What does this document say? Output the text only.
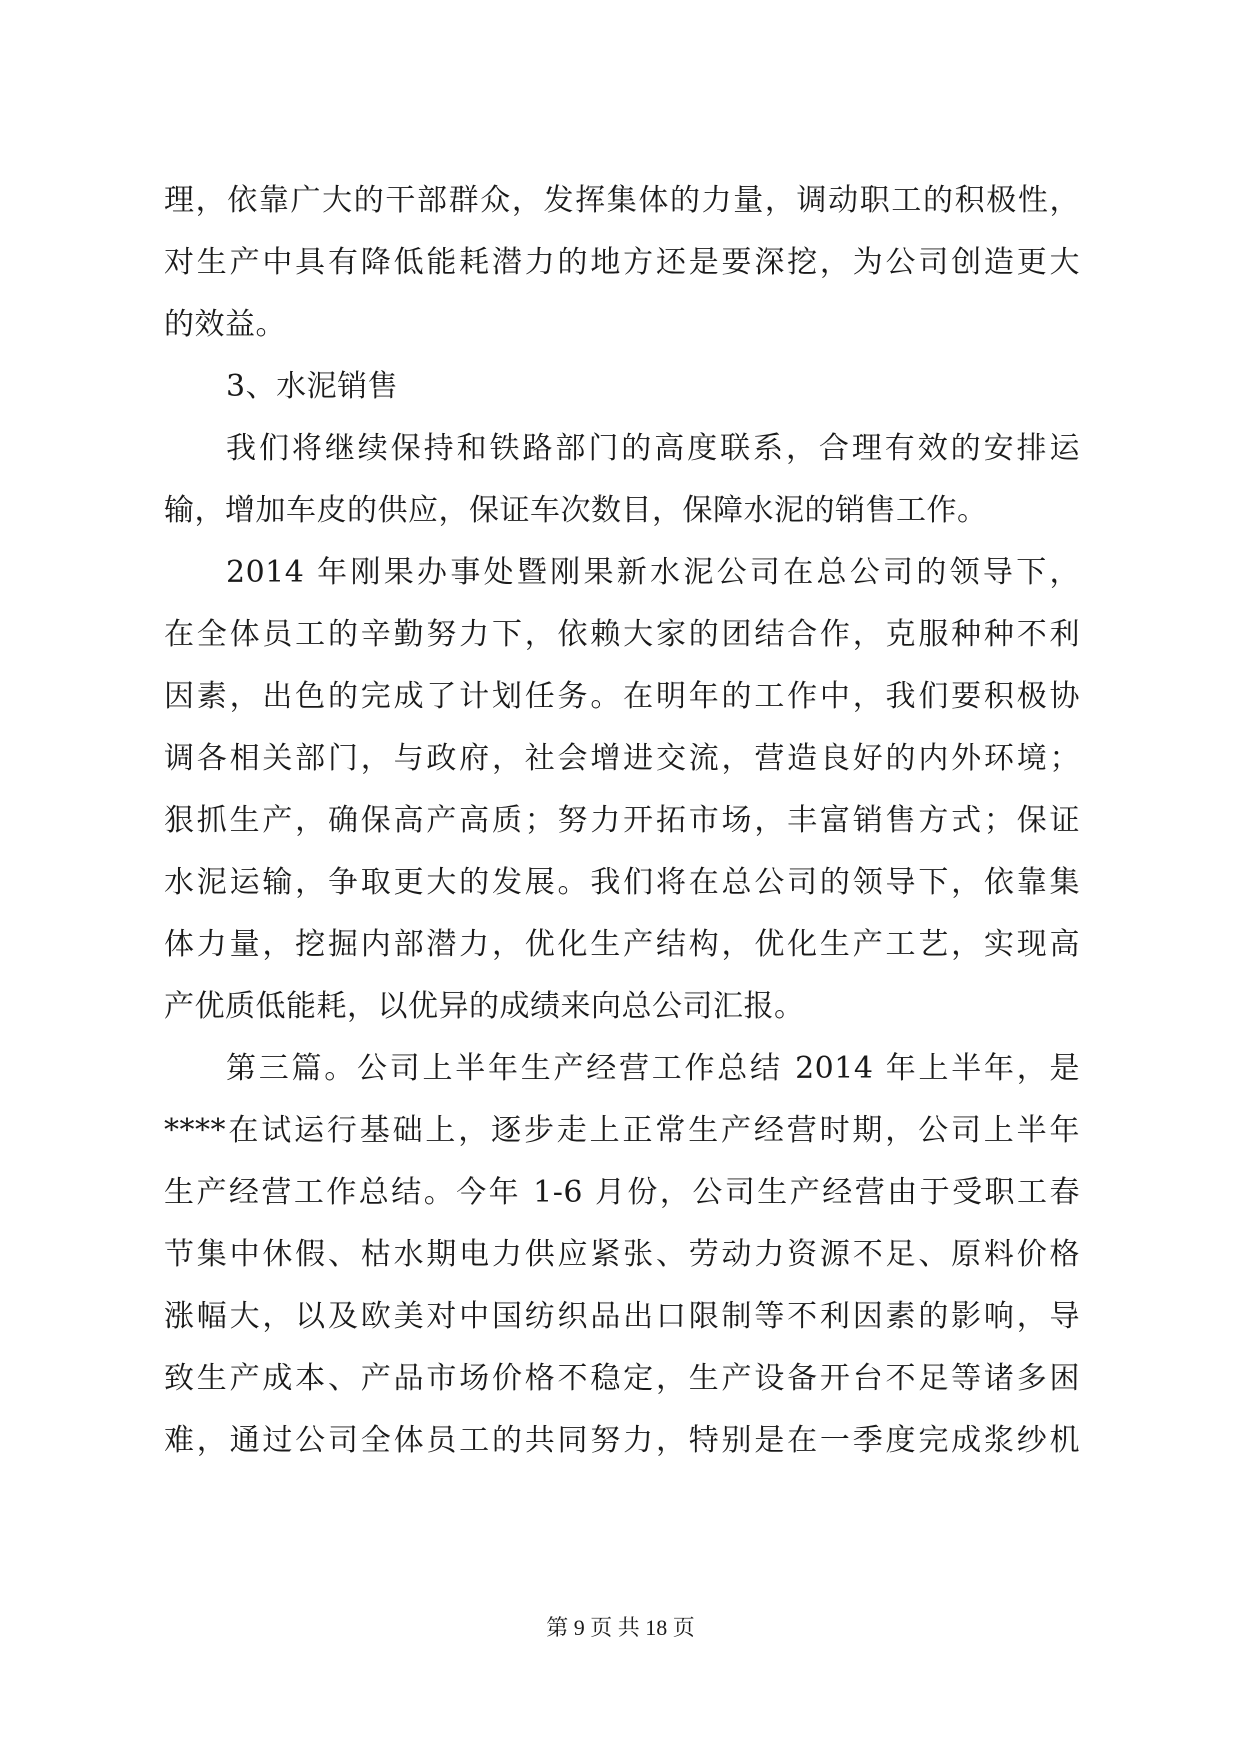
理，依靠广大的干部群众，发挥集体的力量，调动职工的积极性，
对生产中具有降低能耗潜力的地方还是要深挖，为公司创造更大
的效益。
3、水泥销售
我们将继续保持和铁路部门的高度联系，合理有效的安排运
输，增加车皮的供应，保证车次数目，保障水泥的销售工作。
2014 年刚果办事处暨刚果新水泥公司在总公司的领导下，
在全体员工的辛勤努力下，依赖大家的团结合作，克服种种不利
因素，出色的完成了计划任务。在明年的工作中，我们要积极协
调各相关部门，与政府，社会增进交流，营造良好的内外环境；
狠抓生产，确保高产高质；努力开拓市场，丰富销售方式；保证
水泥运输，争取更大的发展。我们将在总公司的领导下，依靠集
体力量，挖掘内部潜力，优化生产结构，优化生产工艺，实现高
产优质低能耗，以优异的成绩来向总公司汇报。
第三篇。公司上半年生产经营工作总结 2014 年上半年，是
****在试运行基础上，逐步走上正常生产经营时期，公司上半年
生产经营工作总结。今年 1-6 月份，公司生产经营由于受职工春
节集中休假、枯水期电力供应紧张、劳动力资源不足、原料价格
涨幅大，以及欧美对中国纺织品出口限制等不利因素的影响，导
致生产成本、产品市场价格不稳定，生产设备开台不足等诸多困
难，通过公司全体员工的共同努力，特别是在一季度完成浆纱机
第 9 页 共 18 页
